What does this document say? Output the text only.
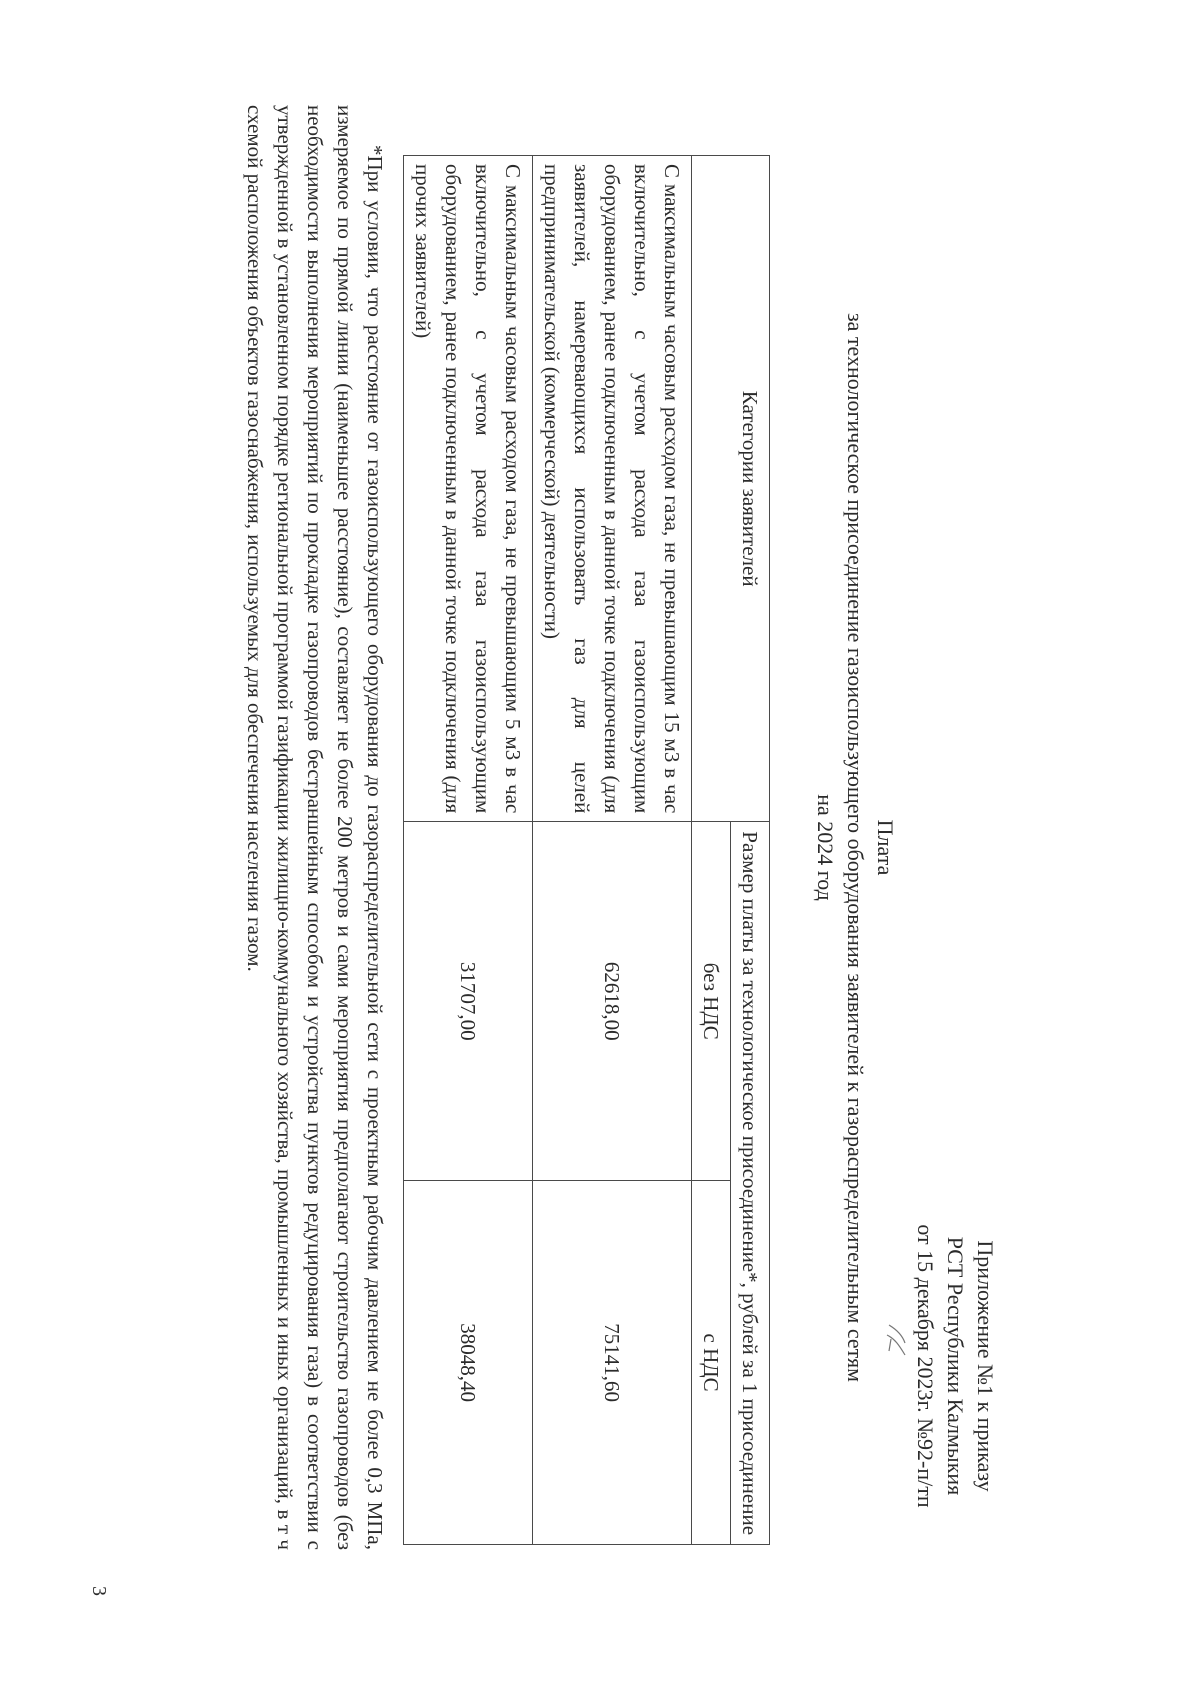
Приложение №1 к приказу
РСТ Республики Калмыкия
от 15 декабря 2023г. №92-п/тп
Плата
за технологическое присоединение газоиспользующего оборудования заявителей к газораспределительным сетям
на 2024 год
Категории заявителей	Размер платы за технологическое присоединение*, рублей за 1 присоединение	
	без НДС	с НДС
С максимальным часовым расходом газа, не превышающим 15 м3 в час включительно, с учетом расхода газа газоиспользующим оборудованием, ранее подключенным в данной точке подключения (для заявителей, намеревающихся использовать газ для целей предпринимательской (коммерческой) деятельности)	62618,00	75141,60
С максимальным часовым расходом газа, не превышающим 5 м3 в час включительно, с учетом расхода газа газоиспользующим оборудованием, ранее подключенным в данной точке подключения (для прочих заявителей)	31707,00	38048,40

*При условии, что расстояние от газоиспользующего оборудования до газораспределительной сети с проектным рабочим давлением не более 0,3 МПа, измеряемое по прямой линии (наименьшее расстояние), составляет не более 200 метров и сами мероприятия предполагают строительство газопроводов (без необходимости выполнения мероприятий по прокладке газопроводов бестраншейным способом и устройства пунктов редуцирования газа) в соответствии с утвержденной в установленном порядке региональной программой газификации жилищно-коммунального хозяйства, промышленных и иных организаций, в т ч схемой расположения объектов газоснабжения, используемых для обеспечения населения газом.

3
